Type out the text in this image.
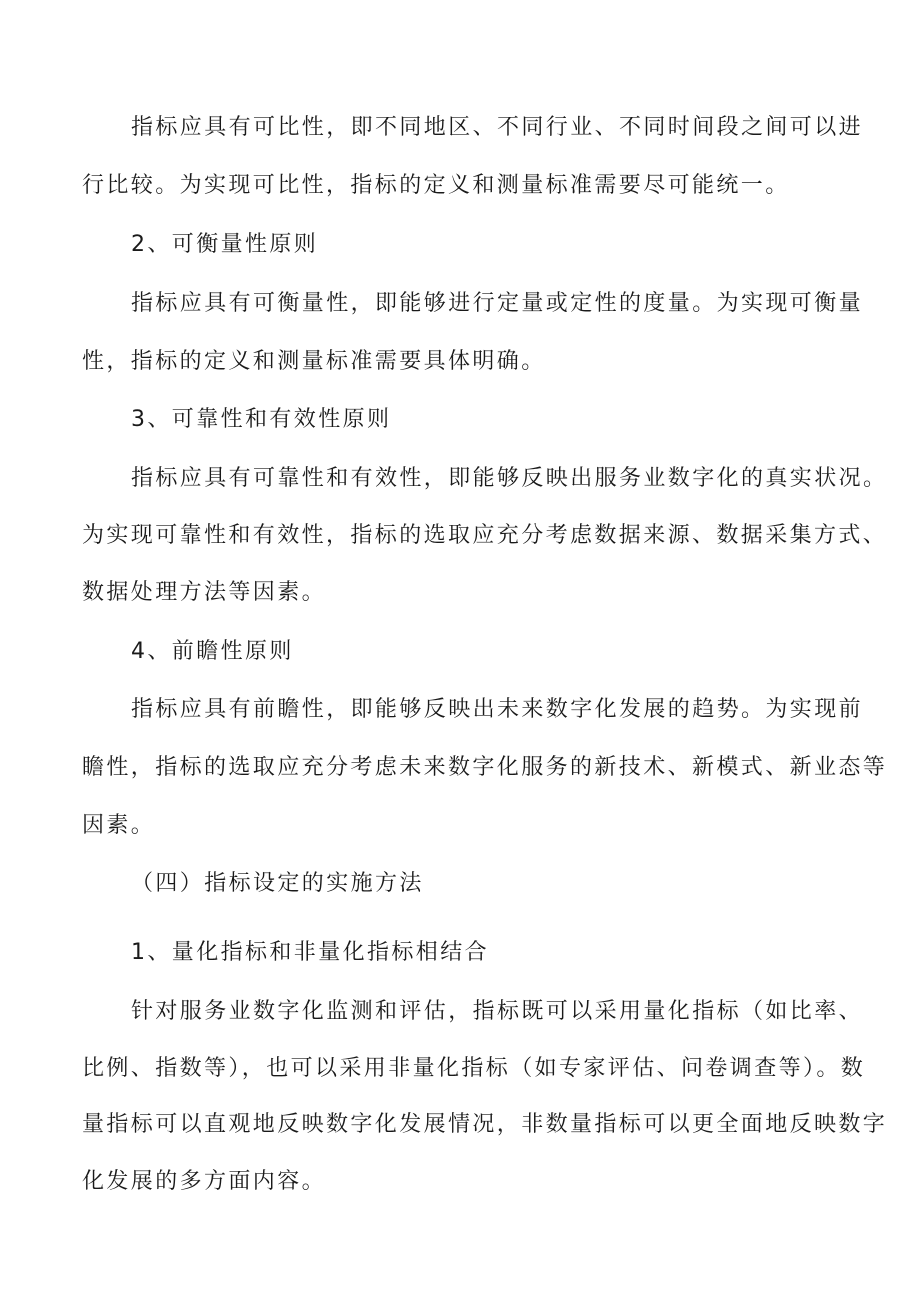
指标应具有可比性，即不同地区、不同行业、不同时间段之间可以进
行比较。为实现可比性，指标的定义和测量标准需要尽可能统一。
2、可衡量性原则
指标应具有可衡量性，即能够进行定量或定性的度量。为实现可衡量
性，指标的定义和测量标准需要具体明确。
3、可靠性和有效性原则
指标应具有可靠性和有效性，即能够反映出服务业数字化的真实状况。
为实现可靠性和有效性，指标的选取应充分考虑数据来源、数据采集方式、
数据处理方法等因素。
4、前瞻性原则
指标应具有前瞻性，即能够反映出未来数字化发展的趋势。为实现前
瞻性，指标的选取应充分考虑未来数字化服务的新技术、新模式、新业态等
因素。
（四）指标设定的实施方法
1、量化指标和非量化指标相结合
针对服务业数字化监测和评估，指标既可以采用量化指标（如比率、
比例、指数等），也可以采用非量化指标（如专家评估、问卷调查等）。数
量指标可以直观地反映数字化发展情况，非数量指标可以更全面地反映数字
化发展的多方面内容。
